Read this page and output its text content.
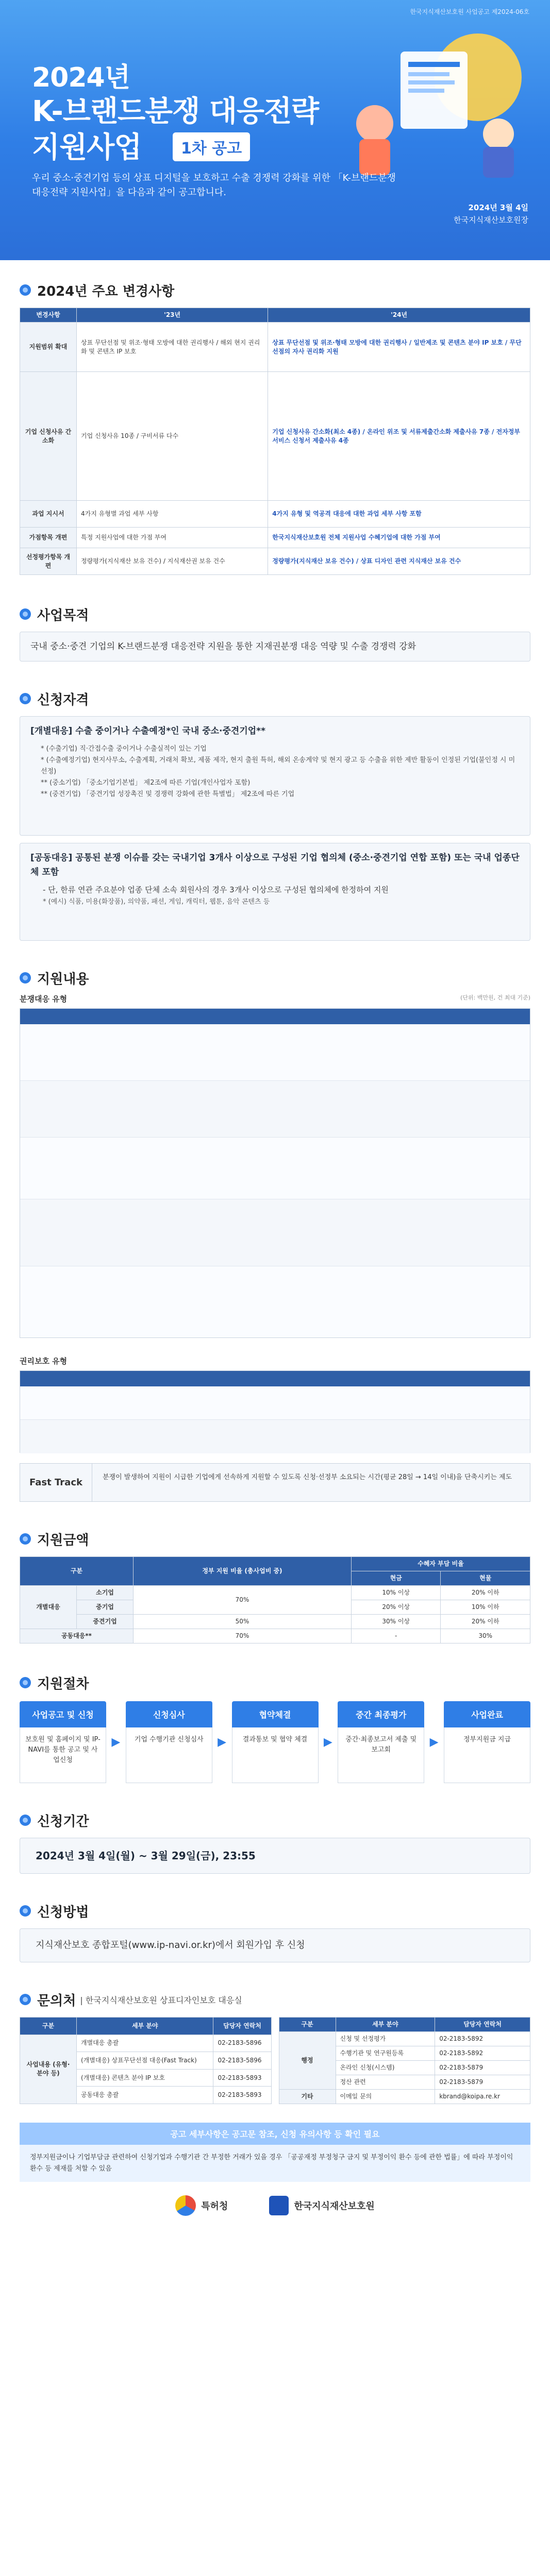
한국지식재산보호원 사업공고 제2024-06호
2024년
K-브랜드분쟁 대응전략
지원사업	1차 공고
우리 중소·중견기업 등의 상표 디지털을 보호하고 수출 경쟁력 강화를 위한 「K-브랜드분쟁
대응전략 지원사업」을 다음과 같이 공고합니다.
2024년 3월 4일
한국지식재산보호원장
2024년 주요 변경사항
변경사항	'23년	'24년
지원범위 확대	상표 무단선점 및 위조·형태 모방에 대한 권리행사 / 해외 현지 권리화 및 콘텐츠 IP 보호	상표 무단선점 및 위조·형태 모방에 대한 권리행사 / 일반제조 및 콘텐츠 분야 IP 보호 / 무단선점의 자사 권리화 지원
기업 신청사유 간소화	기업 신청사유 10종 / 구비서류 다수	기업 신청사유 간소화(최소 4종) / 온라인 위조 및 서류제출간소화 제출사유 7종 / 전자정부 서비스 신청서 제출사유 4종
과업 지시서	4가지 유형별 과업 세부 사항	4가지 유형 및 역공격 대응에 대한 과업 세부 사항 포함
가점항목 개편	특정 지원사업에 대한 가점 부여	한국지식재산보호원 전체 지원사업 수혜기업에 대한 가점 부여
선정평가항목 개편	정량평가(지식재산 보유 건수) / 지식재산권 보유 건수	정량평가(지식재산 보유 건수) / 상표 디자인 관련 지식재산 보유 건수
사업목적
국내 중소·중견 기업의 K-브랜드분쟁 대응전략 지원을 통한 지재권분쟁 대응 역량 및 수출 경쟁력 강화
신청자격
[개별대응] 수출 중이거나 수출예정*인 국내 중소·중견기업**
* (수출기업) 직·간접수출 중이거나 수출실적이 있는 기업
* (수출예정기업) 현지사무소, 수출계획, 거래처 확보, 제품 제작, 현지 출원 특허, 해외 온송계약 및 현지 광고 등 수출을 위한 제반 활동이 인정된 기업(불인정 시 미선정)
** (중소기업) 「중소기업기본법」 제2조에 따른 기업(개인사업자 포함)
** (중견기업) 「중견기업 성장촉진 및 경쟁력 강화에 관한 특별법」 제2조에 따른 기업
[공동대응] 공통된 분쟁 이슈를 갖는 국내기업 3개사 이상으로 구성된 기업 협의체 (중소·중견기업 연합 포함) 또는 국내 업종단체 포함
- 단, 한류 연관 주요분야 업종 단체 소속 회원사의 경우 3개사 이상으로 구성된 협의체에 한정하여 지원
* (예시) 식품, 미용(화장품), 의약품, 패션, 게임, 캐릭터, 웹툰, 음악 콘텐츠 등
지원내용
분쟁대응 유형	(단위: 백만원, 건 최대 기준)
권리보호 유형
Fast Track	분쟁이 발생하여 지원이 시급한 기업에게 선속하게 지원할 수 있도록 신청·선정부 소요되는 시간(평균 28일 → 14일 이내)을 단축시키는 제도
지원금액
구분		정부 지원 비율 (총사업비 중)	수혜자 부담 비율	
			현금	현물
개별대응	소기업	70%	10% 이상	20% 이하
	중기업		20% 이상	10% 이하
	중견기업	50%	30% 이상	20% 이하
공동대응**		70%	-	30%
지원절차
사업공고 및 신청
보호원 및 홈페이지 및 IP-NAVI를 통한 공고 및 사업신청
▶
신청심사
기업 수행기관 신청심사	▶
협약체결
결과통보 및 협약 체결	▶
중간 최종평가
중간·최종보고서 제출 및 보고회
▶
사업완료
정부지원금 지급
신청기간
2024년 3월 4일(월) ~ 3월 29일(금), 23:55
신청방법
지식재산보호 종합포털(www.ip-navi.or.kr)에서 회원가입 후 신청
문의처 | 한국지식재산보호원 상표디자인보호 대응실
구분	세부 분야	담당자 연락처
사업내용 (유형·분야 등)	개별대응 총괄	02-2183-5896
	(개별대응) 상표무단선점 대응(Fast Track)	02-2183-5896
	(개별대응) 콘텐츠 분야 IP 보호	02-2183-5893
	공동대응 총괄	02-2183-5893
구분	세부 분야	담당자 연락처
행정	신청 및 선정평가	02-2183-5892
	수행기관 및 연구원등록	02-2183-5892
	온라인 신청(시스템)	02-2183-5879
	정산 관련	02-2183-5879
기타	이메일 문의	kbrand@koipa.re.kr
공고 세부사항은 공고문 참조, 신청 유의사항 등 확인 필요
정부지원금이나 기업부담금 관련하여 신청기업과 수행기관 간 부정한 거래가 있을 경우 「공공재정 부정청구 금지 및 부정이익 환수 등에 관한 법률」에 따라 부정이익 환수 등 제재를 처할 수 있음
특허청	한국지식재산보호원
